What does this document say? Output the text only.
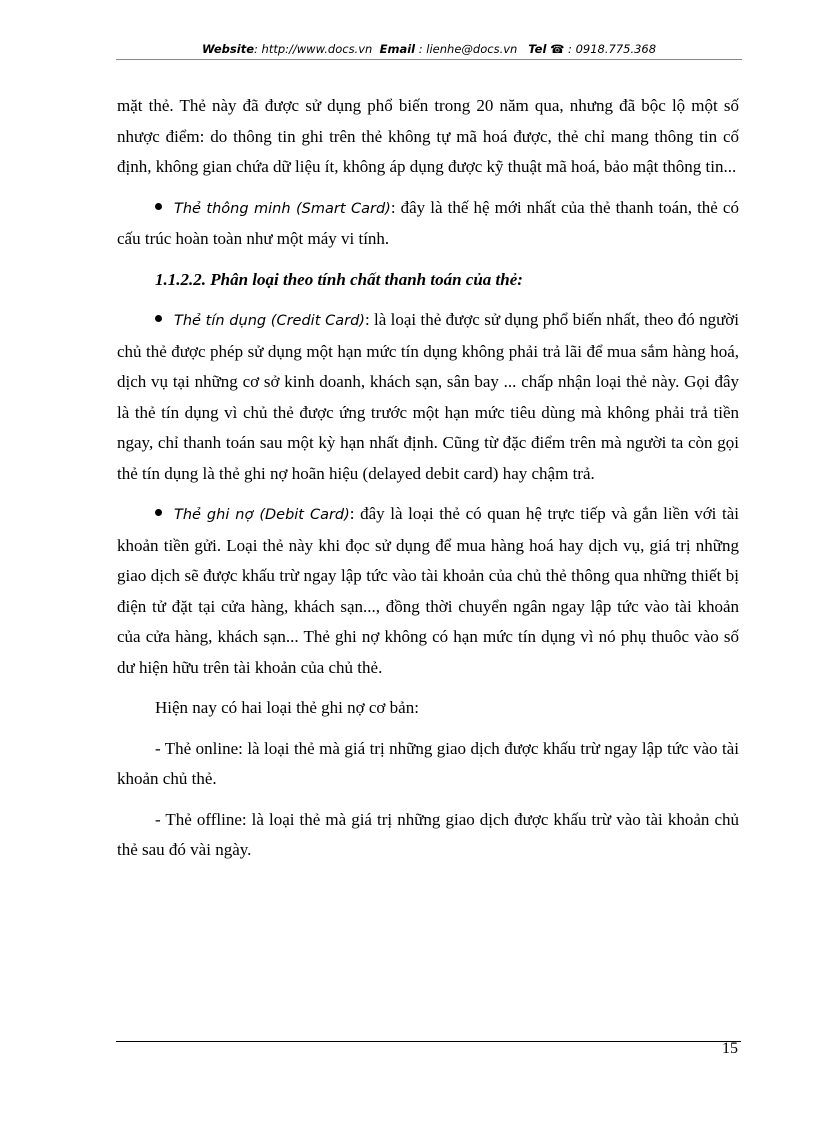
Website: http://www.docs.vn Email : lienhe@docs.vn Tel ☎ : 0918.775.368

mặt thẻ. Thẻ này đã được sử dụng phổ biến trong 20 năm qua, nhưng đã bộc lộ một số nhược điểm: do thông tin ghi trên thẻ không tự mã hoá được, thẻ chỉ mang thông tin cố định, không gian chứa dữ liệu ít, không áp dụng được kỹ thuật mã hoá, bảo mật thông tin...

Thẻ thông minh (Smart Card): đây là thế hệ mới nhất của thẻ thanh toán, thẻ có cấu trúc hoàn toàn như một máy vi tính.

1.1.2.2. Phân loại theo tính chất thanh toán của thẻ:

Thẻ tín dụng (Credit Card): là loại thẻ được sử dụng phổ biến nhất, theo đó người chủ thẻ được phép sử dụng một hạn mức tín dụng không phải trả lãi để mua sắm hàng hoá, dịch vụ tại những cơ sở kinh doanh, khách sạn, sân bay ... chấp nhận loại thẻ này. Gọi đây là thẻ tín dụng vì chủ thẻ được ứng trước một hạn mức tiêu dùng mà không phải trả tiền ngay, chỉ thanh toán sau một kỳ hạn nhất định. Cũng từ đặc điểm trên mà người ta còn gọi thẻ tín dụng là thẻ ghi nợ hoãn hiệu (delayed debit card) hay chậm trả.

Thẻ ghi nợ (Debit Card): đây là loại thẻ có quan hệ trực tiếp và gắn liền với tài khoản tiền gửi. Loại thẻ này khi đọc sử dụng để mua hàng hoá hay dịch vụ, giá trị những giao dịch sẽ được khấu trừ ngay lập tức vào tài khoản của chủ thẻ thông qua những thiết bị điện tử đặt tại cửa hàng, khách sạn..., đồng thời chuyển ngân ngay lập tức vào tài khoản của cửa hàng, khách sạn... Thẻ ghi nợ không có hạn mức tín dụng vì nó phụ thuôc vào số dư hiện hữu trên tài khoản của chủ thẻ.

Hiện nay có hai loại thẻ ghi nợ cơ bản:

- Thẻ online: là loại thẻ mà giá trị những giao dịch được khấu trừ ngay lập tức vào tài khoản chủ thẻ.

- Thẻ offline: là loại thẻ mà giá trị những giao dịch được khấu trừ vào tài khoản chủ thẻ sau đó vài ngày.

15
